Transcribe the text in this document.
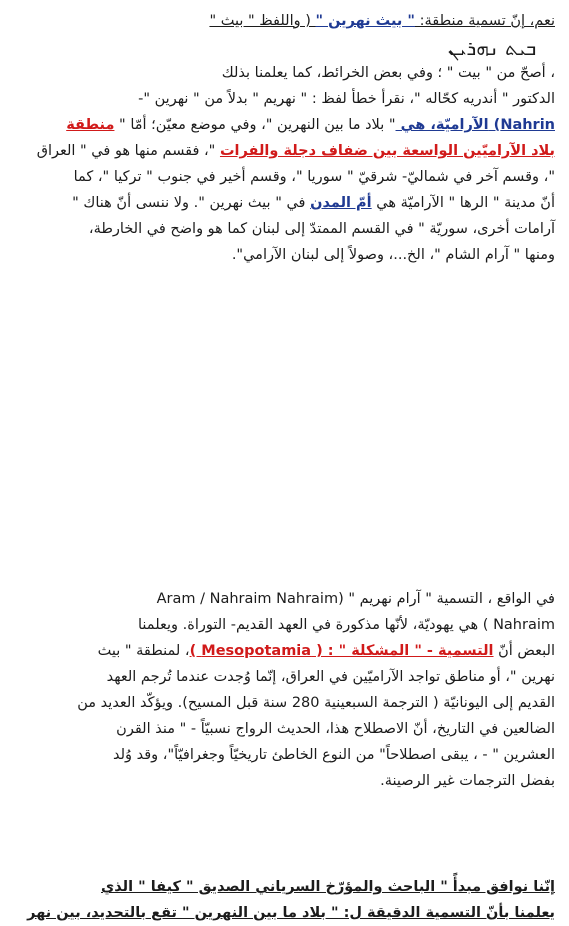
ܒܝܬ ܢܗܪܝܢ

نعم، إنّ تسمية منطقة: " بيث نهرين " ( واللفظ " بيث "

، أصحّ من " بيت " ؛ وفي بعض الخرائط، كما يعلمنا بذلك
الدكتور " أندريه كحّاله "، نقرأ خطأ لفظ : " نهريم " بدلاً من " نهرين "-
Nahrin) الآراميّة، هي " بلاد ما بين النهرين "، وفي موضع معيّن؛ أمّا " منطقة
بلاد الآراميّين الواسعة بين ضفاف دجلة والفرات "، فقسم منها هو في " العراق
"، وقسم آخر في شماليّ- شرقيّ " سوريا "، وقسم أخير في جنوب " تركيا "، كما
أنّ مدينة " الرها " الآراميّة هي أمّ المدن في " بيث نهرين ". ولا ننسى أنّ هناك "
آرامات أخرى، سوريّة " في القسم الممتدّ إلى لبنان كما هو واضح في الخارطة،
ومنها " آرام الشام "، الخ...، وصولاً إلى لبنان الآرامي".

في الواقع ، التسمية " آرام نهريم " (Aram / Nahraim Nahraim
Nahraim ) هي يهوديّة، لأنّها مذكورة في العهد القديم- التوراة. ويعلمنا
البعض أنّ التسمية - " المشكلة " : ( Mesopotamia )، لمنطقة " بيث
نهرين "، أو مناطق تواجد الآراميّين في العراق، إنّما وُجدت عندما تُرجم العهد
القديم إلى اليونانيّة ( الترجمة السبعينية 280 سنة قبل المسيح). ويؤكّد العديد من
الضالعين في التاريخ، أنّ الاصطلاح هذا، الحديث الرواج نسبيّاً - " منذ القرن
العشرين " - ، يبقى اصطلاحاً" من النوع الخاطئ تاريخيّاً وجغرافيّاً"، وقد وُلد
بفضل الترجمات غير الرصينة.

إنّنا نوافق مبدأً " الباحث والمؤرّخ السرياني الصديق " كيفا " الذي
يعلمنا بأنّ التسمية الدقيقة ل: " بلاد ما بين النهرين " تقع بالتحديد، بين نهر
